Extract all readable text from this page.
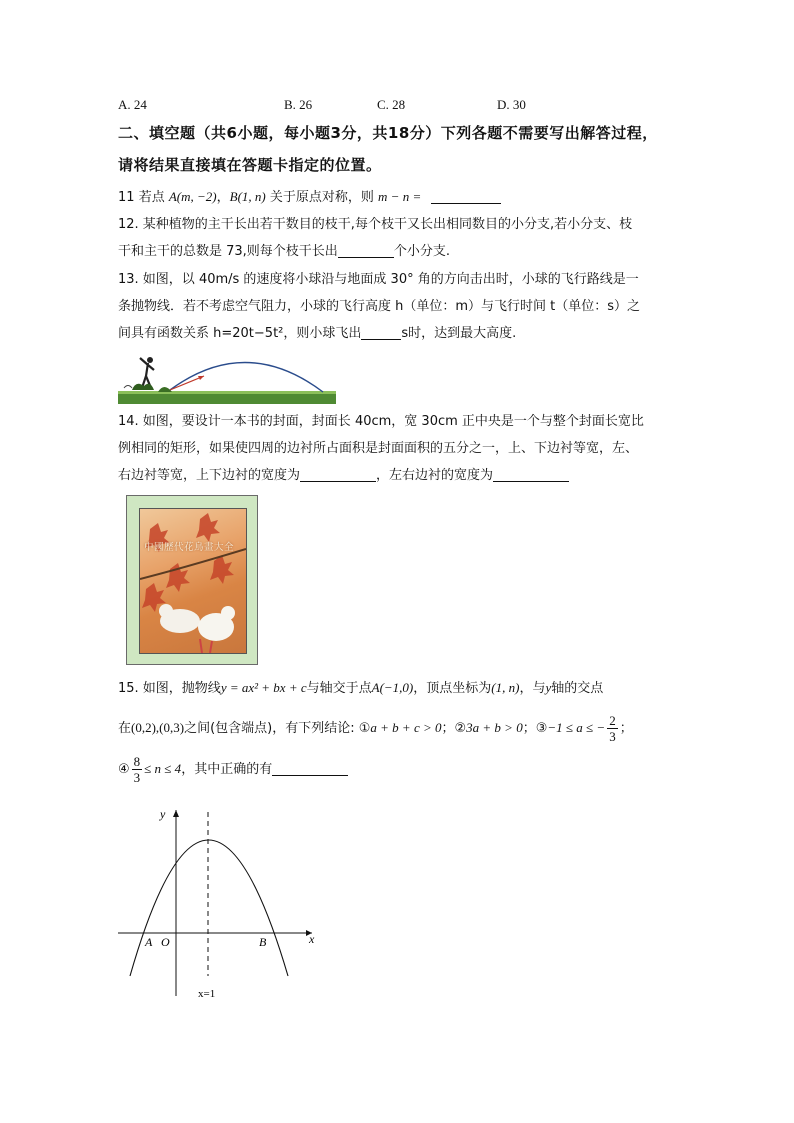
A. 24	B. 26	C. 28	D. 30
二、填空题（共6小题，每小题3分，共18分）下列各题不需要写出解答过程，
请将结果直接填在答题卡指定的位置。
11 若点 A(m, −2)，B(1, n) 关于原点对称，则 m − n =
12. 某种植物的主干长出若干数目的枝干,每个枝干又长出相同数目的小分支,若小分支、枝
干和主干的总数是 73,则每个枝干长出	个小分支.
13. 如图，以 40m/s 的速度将小球沿与地面成 30° 角的方向击出时，小球的飞行路线是一
条抛物线．若不考虑空气阻力，小球的飞行高度 h（单位：m）与飞行时间 t（单位：s）之
间具有函数关系 h=20t−5t²，则小球飞出	s时，达到最大高度.
14. 如图，要设计一本书的封面，封面长 40cm，宽 30cm 正中央是一个与整个封面长宽比
例相同的矩形，如果使四周的边衬所占面积是封面面积的五分之一，上、下边衬等宽，左、
右边衬等宽，上下边衬的宽度为	，左右边衬的宽度为
中國歷代花鳥畫大全
15. 如图，抛物线y = ax² + bx + c与轴交于点A(−1,0)，顶点坐标为(1, n)，与y轴的交点
在(0,2),(0,3)之间(包含端点)，有下列结论: ①a + b + c > 0；②3a + b > 0；③−1 ≤ a ≤ − $\frac{2}{3}$ ；
④ $\frac{8}{3} \le n \le 4$，其中正确的有
y
x
O
A	B
x=1
